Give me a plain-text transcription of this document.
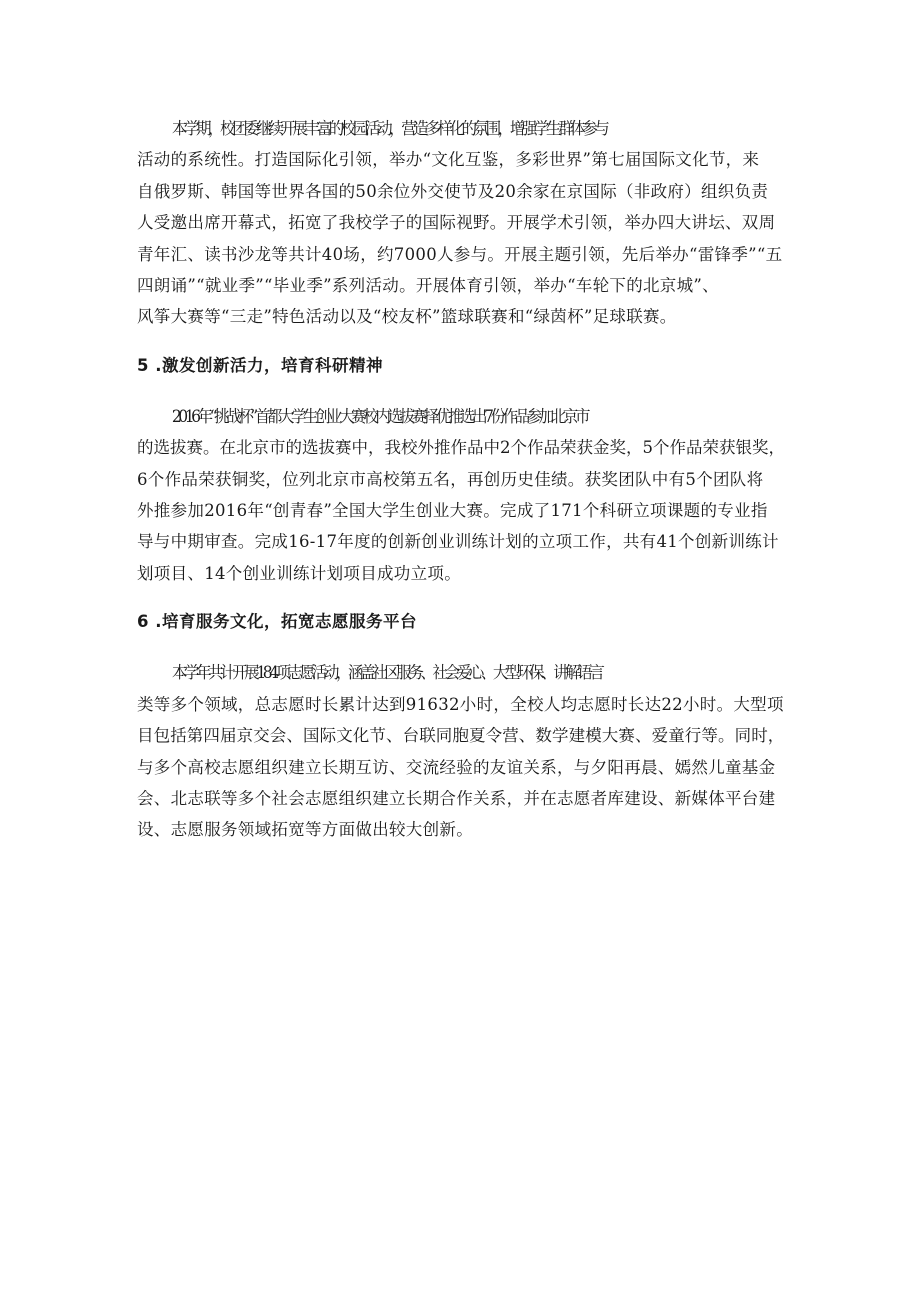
本学期，校团委继续开展丰富的校园活动，营造多样化的氛围，增强学生群体参与
活动的系统性。打造国际化引领，举办“文化互鉴，多彩世界”第七届国际文化节，来
自俄罗斯、韩国等世界各国的50余位外交使节及20余家在京国际（非政府）组织负责
人受邀出席开幕式，拓宽了我校学子的国际视野。开展学术引领，举办四大讲坛、双周
青年汇、读书沙龙等共计40场，约7000人参与。开展主题引领，先后举办“雷锋季”“五
四朗诵”“就业季”“毕业季”系列活动。开展体育引领，举办“车轮下的北京城”、
风筝大赛等“三走”特色活动以及“校友杯”篮球联赛和“绿茵杯”足球联赛。
5 .激发创新活力，培育科研精神
2016年“挑战杯”首都大学生创业大赛校内选拔赛择优推选出7份作品参加北京市
的选拔赛。在北京市的选拔赛中，我校外推作品中2个作品荣获金奖，5个作品荣获银奖，
6个作品荣获铜奖，位列北京市高校第五名，再创历史佳绩。获奖团队中有5个团队将
外推参加2016年“创青春”全国大学生创业大赛。完成了171个科研立项课题的专业指
导与中期审查。完成16-17年度的创新创业训练计划的立项工作，共有41个创新训练计
划项目、14个创业训练计划项目成功立项。
6 .培育服务文化，拓宽志愿服务平台
本学年共计开展184项志愿活动，涵盖社区服务、社会爱心、大型环保、讲解语言
类等多个领域，总志愿时长累计达到91632小时，全校人均志愿时长达22小时。大型项
目包括第四届京交会、国际文化节、台联同胞夏令营、数学建模大赛、爱童行等。同时，
与多个高校志愿组织建立长期互访、交流经验的友谊关系，与夕阳再晨、嫣然儿童基金
会、北志联等多个社会志愿组织建立长期合作关系，并在志愿者库建设、新媒体平台建
设、志愿服务领域拓宽等方面做出较大创新。
